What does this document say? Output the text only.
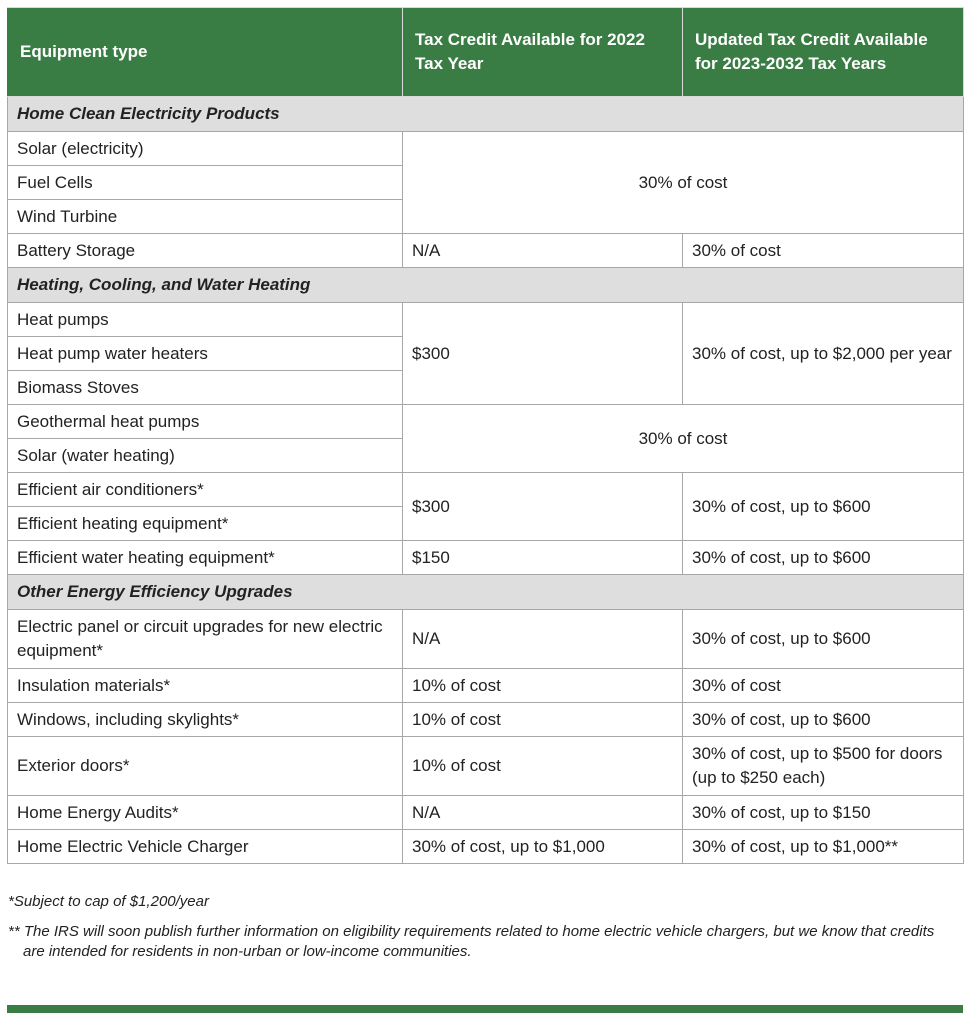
Equipment type	Tax Credit Available for 2022 Tax Year	Updated Tax Credit Available for 2023-2032 Tax Years
Home Clean Electricity Products		
Solar (electricity)	30% of cost	
Fuel Cells		
Wind Turbine		
Battery Storage	N/A	30% of cost
Heating, Cooling, and Water Heating		
Heat pumps	$300	30% of cost, up to $2,000 per year
Heat pump water heaters		
Biomass Stoves		
Geothermal heat pumps	30% of cost	
Solar (water heating)		
Efficient air conditioners*	$300	30% of cost, up to $600
Efficient heating equipment*		
Efficient water heating equipment*	$150	30% of cost, up to $600
Other Energy Efficiency Upgrades		
Electric panel or circuit upgrades for new electric equipment*	N/A	30% of cost, up to $600
Insulation materials*	10% of cost	30% of cost
Windows, including skylights*	10% of cost	30% of cost, up to $600
Exterior doors*	10% of cost	30% of cost, up to $500 for doors (up to $250 each)
Home Energy Audits*	N/A	30% of cost, up to $150
Home Electric Vehicle Charger	30% of cost, up to $1,000	30% of cost, up to $1,000**

*Subject to cap of $1,200/year

** The IRS will soon publish further information on eligibility requirements related to home electric vehicle chargers, but we know that credits are intended for residents in non-urban or low-income communities.
